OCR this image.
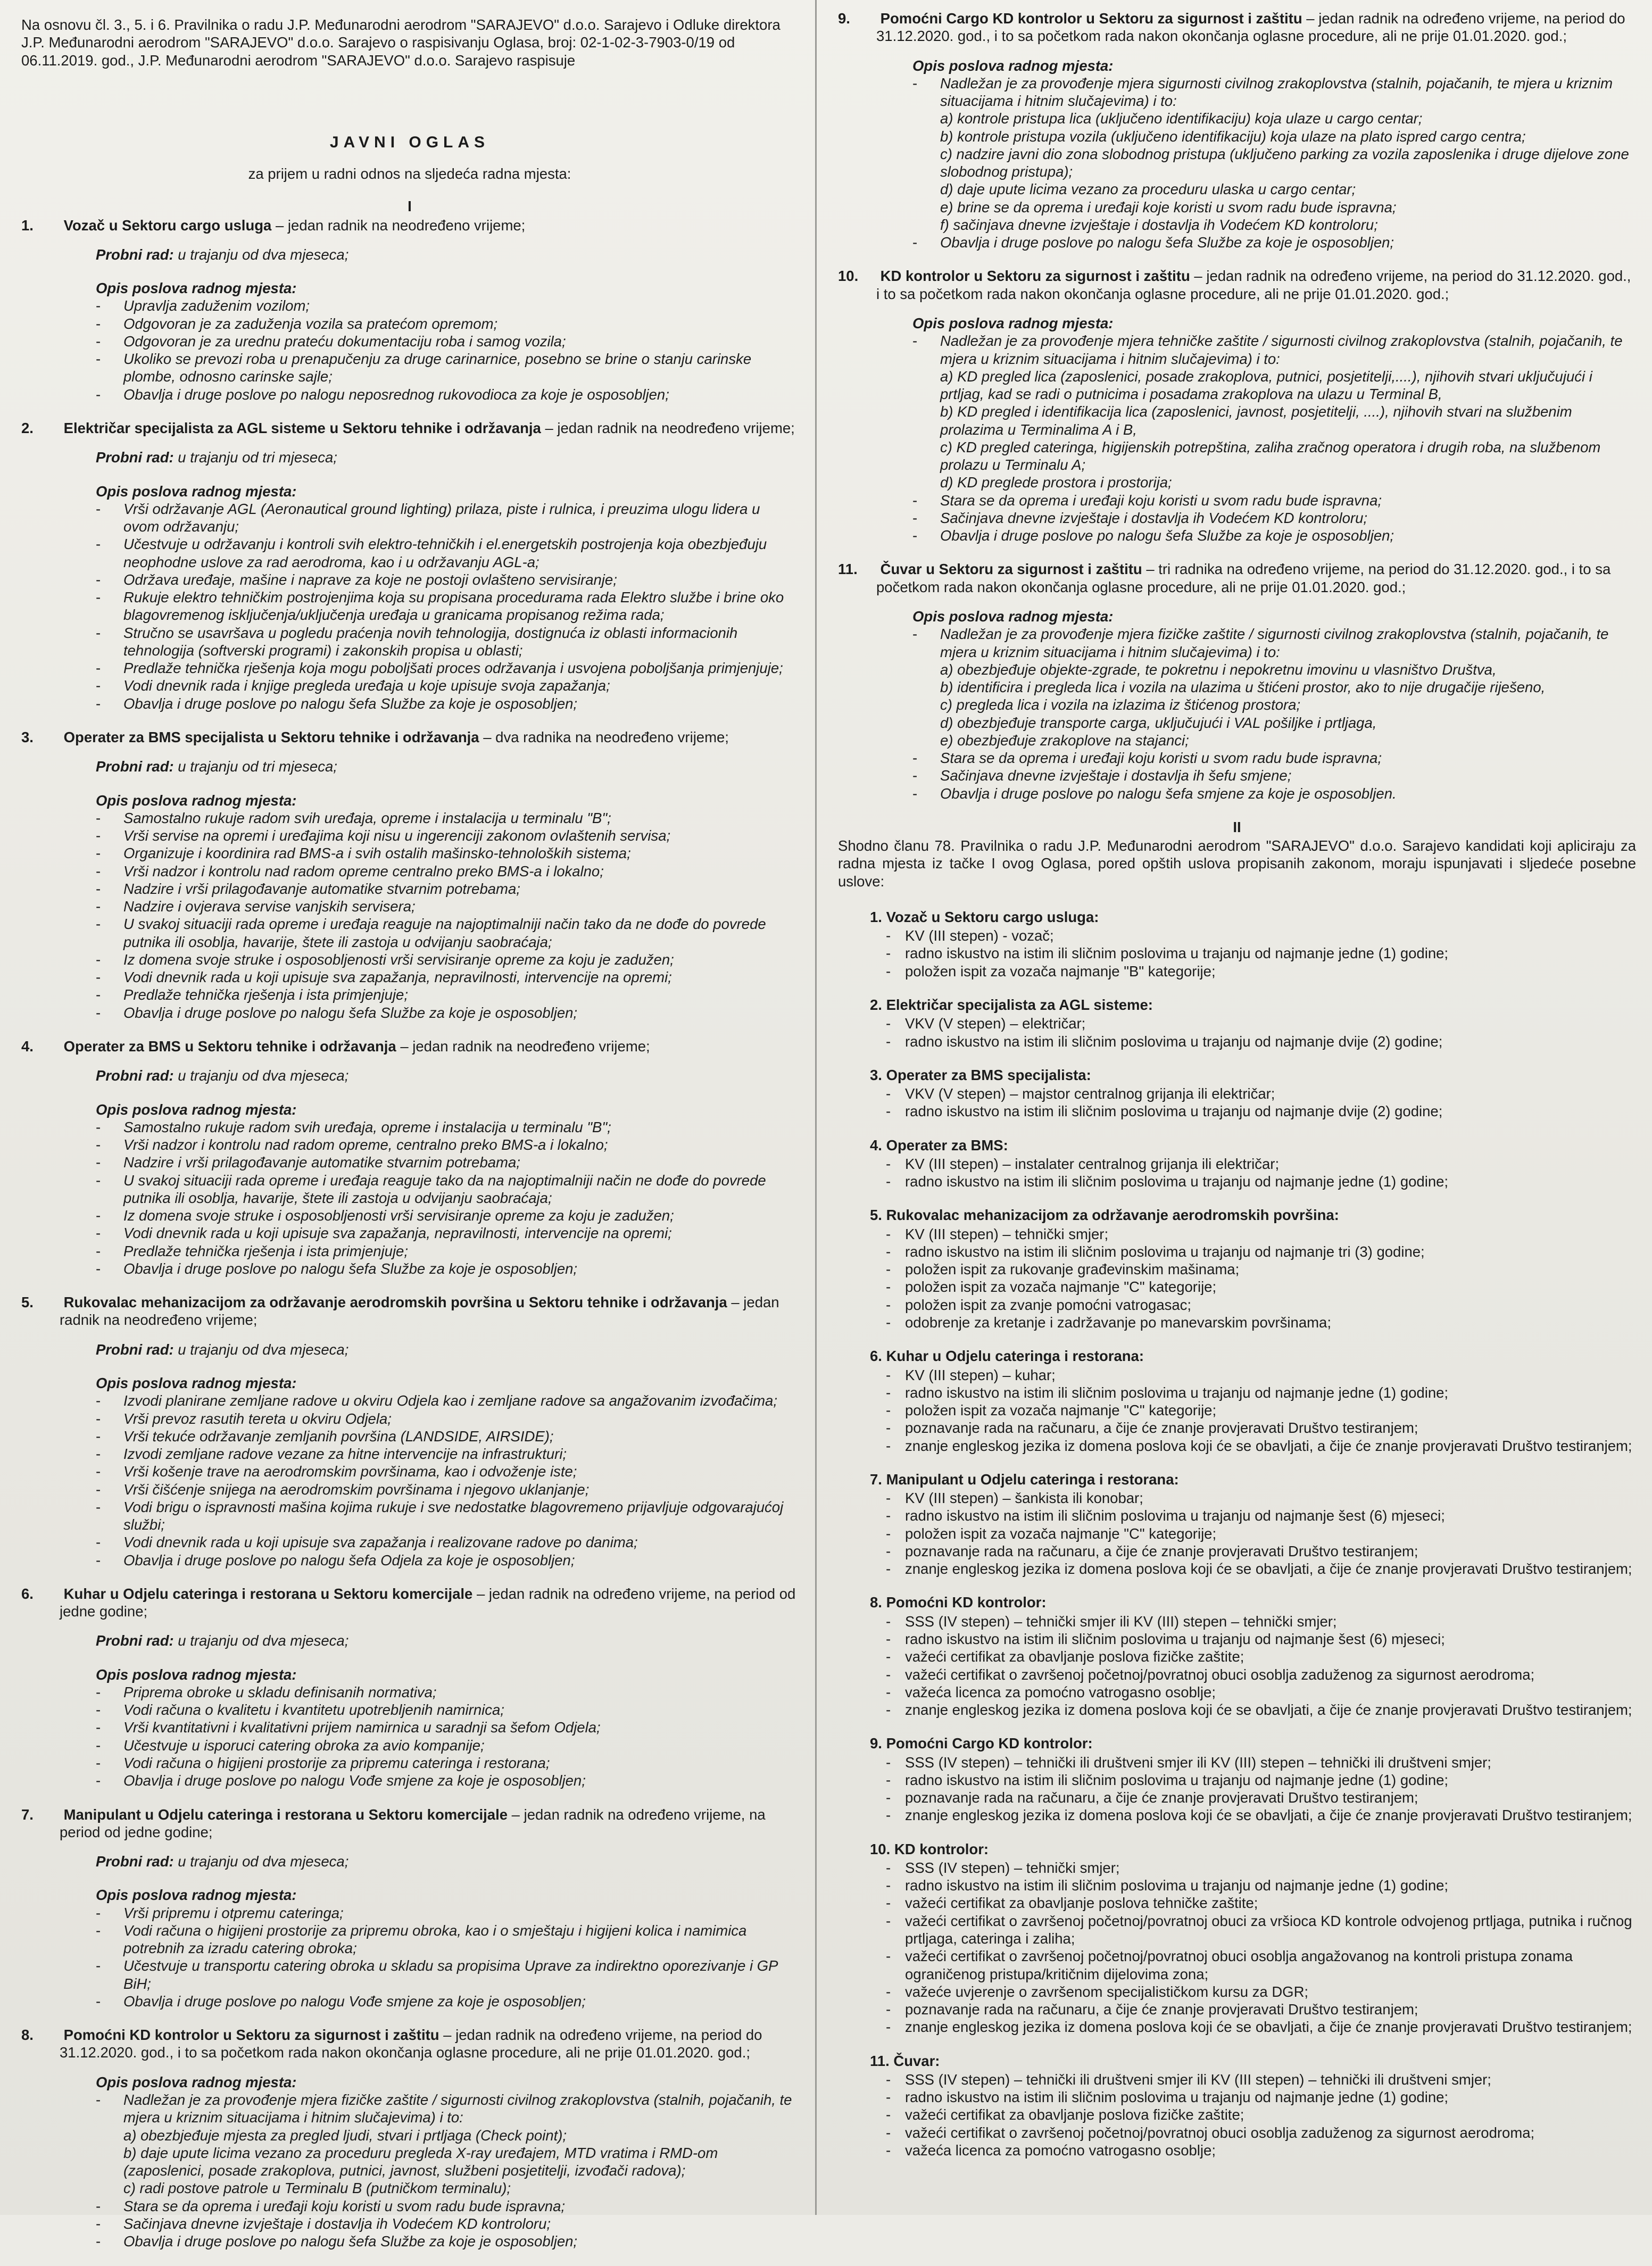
Na osnovu čl. 3., 5. i 6. Pravilnika o radu J.P. Međunarodni aerodrom "SARAJEVO" d.o.o. Sarajevo i Odluke direktora J.P. Međunarodni aerodrom "SARAJEVO" d.o.o. Sarajevo o raspisivanju Oglasa, broj: 02-1-02-3-7903-0/19 od 06.11.2019. god., J.P. Međunarodni aerodrom "SARAJEVO" d.o.o. Sarajevo raspisuje

JAVNI OGLAS
za prijem u radni odnos na sljedeća radna mjesta:
I
1. Vozač u Sektoru cargo usluga – jedan radnik na neodređeno vrijeme;
Probni rad: u trajanju od dva mjeseca;
Opis poslova radnog mjesta:
- Upravlja zaduženim vozilom;
- Odgovoran je za zaduženja vozila sa pratećom opremom;
- Odgovoran je za urednu prateću dokumentaciju roba i samog vozila;
- Ukoliko se prevozi roba u prenapučenju za druge carinarnice, posebno se brine o stanju carinske plombe, odnosno carinske sajle;
- Obavlja i druge poslove po nalogu neposrednog rukovodioca za koje je osposobljen;
2. Električar specijalista za AGL sisteme u Sektoru tehnike i održavanja – jedan radnik na neodređeno vrijeme;
Probni rad: u trajanju od tri mjeseca;
Opis poslova radnog mjesta:
- Vrši održavanje AGL (Aeronautical ground lighting) prilaza, piste i rulnica, i preuzima ulogu lidera u ovom održavanju;
- Učestvuje u održavanju i kontroli svih elektro-tehničkih i el.energetskih postrojenja koja obezbjeđuju neophodne uslove za rad aerodroma, kao i u održavanju AGL-a;
- Održava uređaje, mašine i naprave za koje ne postoji ovlašteno servisiranje;
- Rukuje elektro tehničkim postrojenjima koja su propisana procedurama rada Elektro službe i brine oko blagovremenog isključenja/uključenja uređaja u granicama propisanog režima rada;
- Stručno se usavršava u pogledu praćenja novih tehnologija, dostignuća iz oblasti informacionih tehnologija (softverski programi) i zakonskih propisa u oblasti;
- Predlaže tehnička rješenja koja mogu poboljšati proces održavanja i usvojena poboljšanja primjenjuje;
- Vodi dnevnik rada i knjige pregleda uređaja u koje upisuje svoja zapažanja;
- Obavlja i druge poslove po nalogu šefa Službe za koje je osposobljen;
3. Operater za BMS specijalista u Sektoru tehnike i održavanja – dva radnika na neodređeno vrijeme;
Probni rad: u trajanju od tri mjeseca;
Opis poslova radnog mjesta:
- Samostalno rukuje radom svih uređaja, opreme i instalacija u terminalu "B";
- Vrši servise na opremi i uređajima koji nisu u ingerenciji zakonom ovlaštenih servisa;
- Organizuje i koordinira rad BMS-a i svih ostalih mašinsko-tehnoloških sistema;
- Vrši nadzor i kontrolu nad radom opreme centralno preko BMS-a i lokalno;
- Nadzire i vrši prilagođavanje automatike stvarnim potrebama;
- Nadzire i ovjerava servise vanjskih servisera;
- U svakoj situaciji rada opreme i uređaja reaguje na najoptimalniji način tako da ne dođe do povrede putnika ili osoblja, havarije, štete ili zastoja u odvijanju saobraćaja;
- Iz domena svoje struke i osposobljenosti vrši servisiranje opreme za koju je zadužen;
- Vodi dnevnik rada u koji upisuje sva zapažanja, nepravilnosti, intervencije na opremi;
- Predlaže tehnička rješenja i ista primjenjuje;
- Obavlja i druge poslove po nalogu šefa Službe za koje je osposobljen;
4. Operater za BMS u Sektoru tehnike i održavanja – jedan radnik na neodređeno vrijeme;
Probni rad: u trajanju od dva mjeseca;
Opis poslova radnog mjesta:
- Samostalno rukuje radom svih uređaja, opreme i instalacija u terminalu "B";
- Vrši nadzor i kontrolu nad radom opreme, centralno preko BMS-a i lokalno;
- Nadzire i vrši prilagođavanje automatike stvarnim potrebama;
- U svakoj situaciji rada opreme i uređaja reaguje tako da na najoptimalniji način ne dođe do povrede putnika ili osoblja, havarije, štete ili zastoja u odvijanju saobraćaja;
- Iz domena svoje struke i osposobljenosti vrši servisiranje opreme za koju je zadužen;
- Vodi dnevnik rada u koji upisuje sva zapažanja, nepravilnosti, intervencije na opremi;
- Predlaže tehnička rješenja i ista primjenjuje;
- Obavlja i druge poslove po nalogu šefa Službe za koje je osposobljen;
5. Rukovalac mehanizacijom za održavanje aerodromskih površina u Sektoru tehnike i održavanja – jedan radnik na neodređeno vrijeme;
Probni rad: u trajanju od dva mjeseca;
Opis poslova radnog mjesta:
- Izvodi planirane zemljane radove u okviru Odjela kao i zemljane radove sa angažovanim izvođačima;
- Vrši prevoz rasutih tereta u okviru Odjela;
- Vrši tekuće održavanje zemljanih površina (LANDSIDE, AIRSIDE);
- Izvodi zemljane radove vezane za hitne intervencije na infrastrukturi;
- Vrši košenje trave na aerodromskim površinama, kao i odvoženje iste;
- Vrši čišćenje snijega na aerodromskim površinama i njegovo uklanjanje;
- Vodi brigu o ispravnosti mašina kojima rukuje i sve nedostatke blagovremeno prijavljuje odgovarajućoj službi;
- Vodi dnevnik rada u koji upisuje sva zapažanja i realizovane radove po danima;
- Obavlja i druge poslove po nalogu šefa Odjela za koje je osposobljen;
6. Kuhar u Odjelu cateringa i restorana u Sektoru komercijale – jedan radnik na određeno vrijeme, na period od jedne godine;
Probni rad: u trajanju od dva mjeseca;
Opis poslova radnog mjesta:
- Priprema obroke u skladu definisanih normativa;
- Vodi računa o kvalitetu i kvantitetu upotrebljenih namirnica;
- Vrši kvantitativni i kvalitativni prijem namirnica u saradnji sa šefom Odjela;
- Učestvuje u isporuci catering obroka za avio kompanije;
- Vodi računa o higijeni prostorije za pripremu cateringa i restorana;
- Obavlja i druge poslove po nalogu Vođe smjene za koje je osposobljen;
7. Manipulant u Odjelu cateringa i restorana u Sektoru komercijale – jedan radnik na određeno vrijeme, na period od jedne godine;
Probni rad: u trajanju od dva mjeseca;
Opis poslova radnog mjesta:
- Vrši pripremu i otpremu cateringa;
- Vodi računa o higijeni prostorije za pripremu obroka, kao i o smještaju i higijeni kolica i namimica potrebnih za izradu catering obroka;
- Učestvuje u transportu catering obroka u skladu sa propisima Uprave za indirektno oporezivanje i GP BiH;
- Obavlja i druge poslove po nalogu Vođe smjene za koje je osposobljen;
8. Pomoćni KD kontrolor u Sektoru za sigurnost i zaštitu – jedan radnik na određeno vrijeme, na period do 31.12.2020. god., i to sa početkom rada nakon okončanja oglasne procedure, ali ne prije 01.01.2020. god.;
Opis poslova radnog mjesta:
- Nadležan je za provođenje mjera fizičke zaštite / sigurnosti civilnog zrakoplovstva (stalnih, pojačanih, te mjera u kriznim situacijama i hitnim slučajevima) i to:
a) obezbjeđuje mjesta za pregled ljudi, stvari i prtljaga (Check point);
b) daje upute licima vezano za proceduru pregleda X-ray uređajem, MTD vratima i RMD-om (zaposlenici, posade zrakoplova, putnici, javnost, službeni posjetitelji, izvođači radova);
c) radi postove patrole u Terminalu B (putničkom terminalu);
- Stara se da oprema i uređaji koju koristi u svom radu bude ispravna;
- Sačinjava dnevne izvještaje i dostavlja ih Vodećem KD kontroloru;
- Obavlja i druge poslove po nalogu šefa Službe za koje je osposobljen;
9. Pomoćni Cargo KD kontrolor u Sektoru za sigurnost i zaštitu – jedan radnik na određeno vrijeme, na period do 31.12.2020. god., i to sa početkom rada nakon okončanja oglasne procedure, ali ne prije 01.01.2020. god.;
Opis poslova radnog mjesta:
- Nadležan je za provođenje mjera sigurnosti civilnog zrakoplovstva (stalnih, pojačanih, te mjera u kriznim situacijama i hitnim slučajevima) i to:
a) kontrole pristupa lica (uključeno identifikaciju) koja ulaze u cargo centar;
b) kontrole pristupa vozila (uključeno identifikaciju) koja ulaze na plato ispred cargo centra;
c) nadzire javni dio zona slobodnog pristupa (uključeno parking za vozila zaposlenika i druge dijelove zone slobodnog pristupa);
d) daje upute licima vezano za proceduru ulaska u cargo centar;
e) brine se da oprema i uređaji koje koristi u svom radu bude ispravna;
f) sačinjava dnevne izvještaje i dostavlja ih Vodećem KD kontroloru;
- Obavlja i druge poslove po nalogu šefa Službe za koje je osposobljen;
10. KD kontrolor u Sektoru za sigurnost i zaštitu – jedan radnik na određeno vrijeme, na period do 31.12.2020. god., i to sa početkom rada nakon okončanja oglasne procedure, ali ne prije 01.01.2020. god.;
Opis poslova radnog mjesta:
- Nadležan je za provođenje mjera tehničke zaštite / sigurnosti civilnog zrakoplovstva (stalnih, pojačanih, te mjera u kriznim situacijama i hitnim slučajevima) i to:
a) KD pregled lica (zaposlenici, posade zrakoplova, putnici, posjetitelji,....), njihovih stvari uključujući i prtljag, kad se radi o putnicima i posadama zrakoplova na ulazu u Terminal B,
b) KD pregled i identifikacija lica (zaposlenici, javnost, posjetitelji, ....), njihovih stvari na službenim prolazima u Terminalima A i B,
c) KD pregled cateringa, higijenskih potrepština, zaliha zračnog operatora i drugih roba, na službenom prolazu u Terminalu A;
d) KD preglede prostora i prostorija;
- Stara se da oprema i uređaji koju koristi u svom radu bude ispravna;
- Sačinjava dnevne izvještaje i dostavlja ih Vodećem KD kontroloru;
- Obavlja i druge poslove po nalogu šefa Službe za koje je osposobljen;
11. Čuvar u Sektoru za sigurnost i zaštitu – tri radnika na određeno vrijeme, na period do 31.12.2020. god., i to sa početkom rada nakon okončanja oglasne procedure, ali ne prije 01.01.2020. god.;
Opis poslova radnog mjesta:
- Nadležan je za provođenje mjera fizičke zaštite / sigurnosti civilnog zrakoplovstva (stalnih, pojačanih, te mjera u kriznim situacijama i hitnim slučajevima) i to:
a) obezbjeđuje objekte-zgrade, te pokretnu i nepokretnu imovinu u vlasništvo Društva,
b) identificira i pregleda lica i vozila na ulazima u štićeni prostor, ako to nije drugačije riješeno,
c) pregleda lica i vozila na izlazima iz štićenog prostora;
d) obezbjeđuje transporte carga, uključujući i VAL pošiljke i prtljaga,
e) obezbjeđuje zrakoplove na stajanci;
- Stara se da oprema i uređaji koju koristi u svom radu bude ispravna;
- Sačinjava dnevne izvještaje i dostavlja ih šefu smjene;
- Obavlja i druge poslove po nalogu šefa smjene za koje je osposobljen.
II

Shodno članu 78. Pravilnika o radu J.P. Međunarodni aerodrom "SARAJEVO" d.o.o. Sarajevo kandidati koji apliciraju za radna mjesta iz tačke I ovog Oglasa, pored opštih uslova propisanih zakonom, moraju ispunjavati i sljedeće posebne uslove:

1. Vozač u Sektoru cargo usluga:
- KV (III stepen) - vozač;
- radno iskustvo na istim ili sličnim poslovima u trajanju od najmanje jedne (1) godine;
- položen ispit za vozača najmanje "B" kategorije;
2. Električar specijalista za AGL sisteme:
- VKV (V stepen) – električar;
- radno iskustvo na istim ili sličnim poslovima u trajanju od najmanje dvije (2) godine;
3. Operater za BMS specijalista:
- VKV (V stepen) – majstor centralnog grijanja ili električar;
- radno iskustvo na istim ili sličnim poslovima u trajanju od najmanje dvije (2) godine;
4. Operater za BMS:
- KV (III stepen) – instalater centralnog grijanja ili električar;
- radno iskustvo na istim ili sličnim poslovima u trajanju od najmanje jedne (1) godine;
5. Rukovalac mehanizacijom za održavanje aerodromskih površina:
- KV (III stepen) – tehnički smjer;
- radno iskustvo na istim ili sličnim poslovima u trajanju od najmanje tri (3) godine;
- položen ispit za rukovanje građevinskim mašinama;
- položen ispit za vozača najmanje "C" kategorije;
- položen ispit za zvanje pomoćni vatrogasac;
- odobrenje za kretanje i zadržavanje po manevarskim površinama;
6. Kuhar u Odjelu cateringa i restorana:
- KV (III stepen) – kuhar;
- radno iskustvo na istim ili sličnim poslovima u trajanju od najmanje jedne (1) godine;
- položen ispit za vozača najmanje "C" kategorije;
- poznavanje rada na računaru, a čije će znanje provjeravati Društvo testiranjem;
- znanje engleskog jezika iz domena poslova koji će se obavljati, a čije će znanje provjeravati Društvo testiranjem;
7. Manipulant u Odjelu cateringa i restorana:
- KV (III stepen) – šankista ili konobar;
- radno iskustvo na istim ili sličnim poslovima u trajanju od najmanje šest (6) mjeseci;
- položen ispit za vozača najmanje "C" kategorije;
- poznavanje rada na računaru, a čije će znanje provjeravati Društvo testiranjem;
- znanje engleskog jezika iz domena poslova koji će se obavljati, a čije će znanje provjeravati Društvo testiranjem;
8. Pomoćni KD kontrolor:
- SSS (IV stepen) – tehnički smjer ili KV (III) stepen – tehnički smjer;
- radno iskustvo na istim ili sličnim poslovima u trajanju od najmanje šest (6) mjeseci;
- važeći certifikat za obavljanje poslova fizičke zaštite;
- važeći certifikat o završenoj početnoj/povratnoj obuci osoblja zaduženog za sigurnost aerodroma;
- važeća licenca za pomoćno vatrogasno osoblje;
- znanje engleskog jezika iz domena poslova koji će se obavljati, a čije će znanje provjeravati Društvo testiranjem;
9. Pomoćni Cargo KD kontrolor:
- SSS (IV stepen) – tehnički ili društveni smjer ili KV (III) stepen – tehnički ili društveni smjer;
- radno iskustvo na istim ili sličnim poslovima u trajanju od najmanje jedne (1) godine;
- poznavanje rada na računaru, a čije će znanje provjeravati Društvo testiranjem;
- znanje engleskog jezika iz domena poslova koji će se obavljati, a čije će znanje provjeravati Društvo testiranjem;
10. KD kontrolor:
- SSS (IV stepen) – tehnički smjer;
- radno iskustvo na istim ili sličnim poslovima u trajanju od najmanje jedne (1) godine;
- važeći certifikat za obavljanje poslova tehničke zaštite;
- važeći certifikat o završenoj početnoj/povratnoj obuci za vršioca KD kontrole odvojenog prtljaga, putnika i ručnog prtljaga, cateringa i zaliha;
- važeći certifikat o završenoj početnoj/povratnoj obuci osoblja angažovanog na kontroli pristupa zonama ograničenog pristupa/kritičnim dijelovima zona;
- važeće uvjerenje o završenom specijalističkom kursu za DGR;
- poznavanje rada na računaru, a čije će znanje provjeravati Društvo testiranjem;
- znanje engleskog jezika iz domena poslova koji će se obavljati, a čije će znanje provjeravati Društvo testiranjem;
11. Čuvar:
- SSS (IV stepen) – tehnički ili društveni smjer ili KV (III stepen) – tehnički ili društveni smjer;
- radno iskustvo na istim ili sličnim poslovima u trajanju od najmanje jedne (1) godine;
- važeći certifikat za obavljanje poslova fizičke zaštite;
- važeći certifikat o završenoj početnoj/povratnoj obuci osoblja zaduženog za sigurnost aerodroma;
- važeća licenca za pomoćno vatrogasno osoblje;
